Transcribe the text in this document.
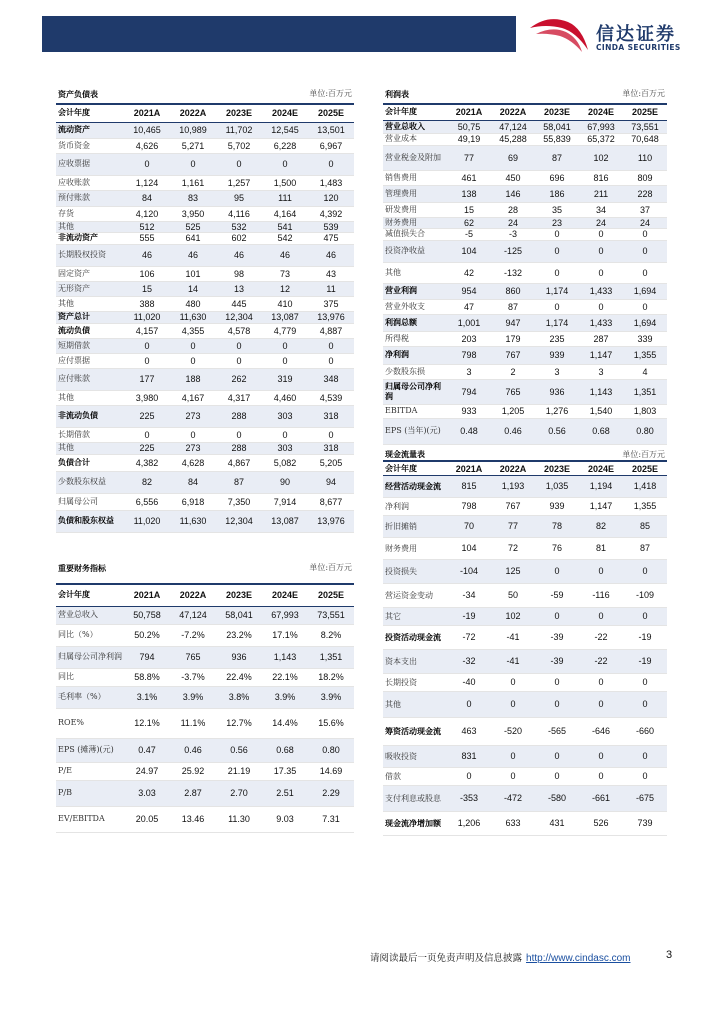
信达证券
CINDA SECURITIES
资产负债表	单位:百万元				
会计年度	2021A	2022A	2023E	2024E	2025E
流动资产	10,465	10,989	11,702	12,545	13,501
货币资金	4,626	5,271	5,702	6,228	6,967
应收票据	0	0	0	0	0
应收账款	1,124	1,161	1,257	1,500	1,483
预付账款	84	83	95	111	120
存货	4,120	3,950	4,116	4,164	4,392
其他	512	525	532	541	539
非流动资产	555	641	602	542	475
长期股权投资	46	46	46	46	46
固定资产	106	101	98	73	43
无形资产	15	14	13	12	11
其他	388	480	445	410	375
资产总计	11,020	11,630	12,304	13,087	13,976
流动负债	4,157	4,355	4,578	4,779	4,887
短期借款	0	0	0	0	0
应付票据	0	0	0	0	0
应付账款	177	188	262	319	348
其他	3,980	4,167	4,317	4,460	4,539
非流动负债	225	273	288	303	318
长期借款	0	0	0	0	0
其他	225	273	288	303	318
负债合计	4,382	4,628	4,867	5,082	5,205
少数股东权益	82	84	87	90	94
归属母公司	6,556	6,918	7,350	7,914	8,677
负债和股东权益	11,020	11,630	12,304	13,087	13,976
利润表	单位:百万元				
会计年度	2021A	2022A	2023E	2024E	2025E
营业总收入	50,75	47,124	58,041	67,993	73,551
营业成本	49,19	45,288	55,839	65,372	70,648
营业税金及附加	77	69	87	102	110
销售费用	461	450	696	816	809
管理费用	138	146	186	211	228
研发费用	15	28	35	34	37
财务费用	62	24	23	24	24
减值损失合	-5	-3	0	0	0
投资净收益	104	-125	0	0	0
其他	42	-132	0	0	0
营业利润	954	860	1,174	1,433	1,694
营业外收支	47	87	0	0	0
利润总额	1,001	947	1,174	1,433	1,694
所得税	203	179	235	287	339
净利润	798	767	939	1,147	1,355
少数股东损	3	2	3	3	4
归属母公司净利润	794	765	936	1,143	1,351
EBITDA	933	1,205	1,276	1,540	1,803
EPS (当年)(元)	0.48	0.46	0.56	0.68	0.80
重要财务指标	单位:百万元				
会计年度	2021A	2022A	2023E	2024E	2025E
营业总收入	50,758	47,124	58,041	67,993	73,551
同比（%）	50.2%	-7.2%	23.2%	17.1%	8.2%
归属母公司净利润	794	765	936	1,143	1,351
同比	58.8%	-3.7%	22.4%	22.1%	18.2%
毛利率（%）	3.1%	3.9%	3.8%	3.9%	3.9%
ROE%	12.1%	11.1%	12.7%	14.4%	15.6%
EPS (摊薄)(元)	0.47	0.46	0.56	0.68	0.80
P/E	24.97	25.92	21.19	17.35	14.69
P/B	3.03	2.87	2.70	2.51	2.29
EV/EBITDA	20.05	13.46	11.30	9.03	7.31
现金流量表	单位:百万元				
会计年度	2021A	2022A	2023E	2024E	2025E
经营活动现金流	815	1,193	1,035	1,194	1,418
净利润	798	767	939	1,147	1,355
折旧摊销	70	77	78	82	85
财务费用	104	72	76	81	87
投资损失	-104	125	0	0	0
营运资金变动	-34	50	-59	-116	-109
其它	-19	102	0	0	0
投资活动现金流	-72	-41	-39	-22	-19
资本支出	-32	-41	-39	-22	-19
长期投资	-40	0	0	0	0
其他	0	0	0	0	0
筹资活动现金流	463	-520	-565	-646	-660
吸收投资	831	0	0	0	0
借款	0	0	0	0	0
支付利息或股息	-353	-472	-580	-661	-675
现金流净增加额	1,206	633	431	526	739
请阅读最后一页免责声明及信息披露 http://www.cindasc.com	3
